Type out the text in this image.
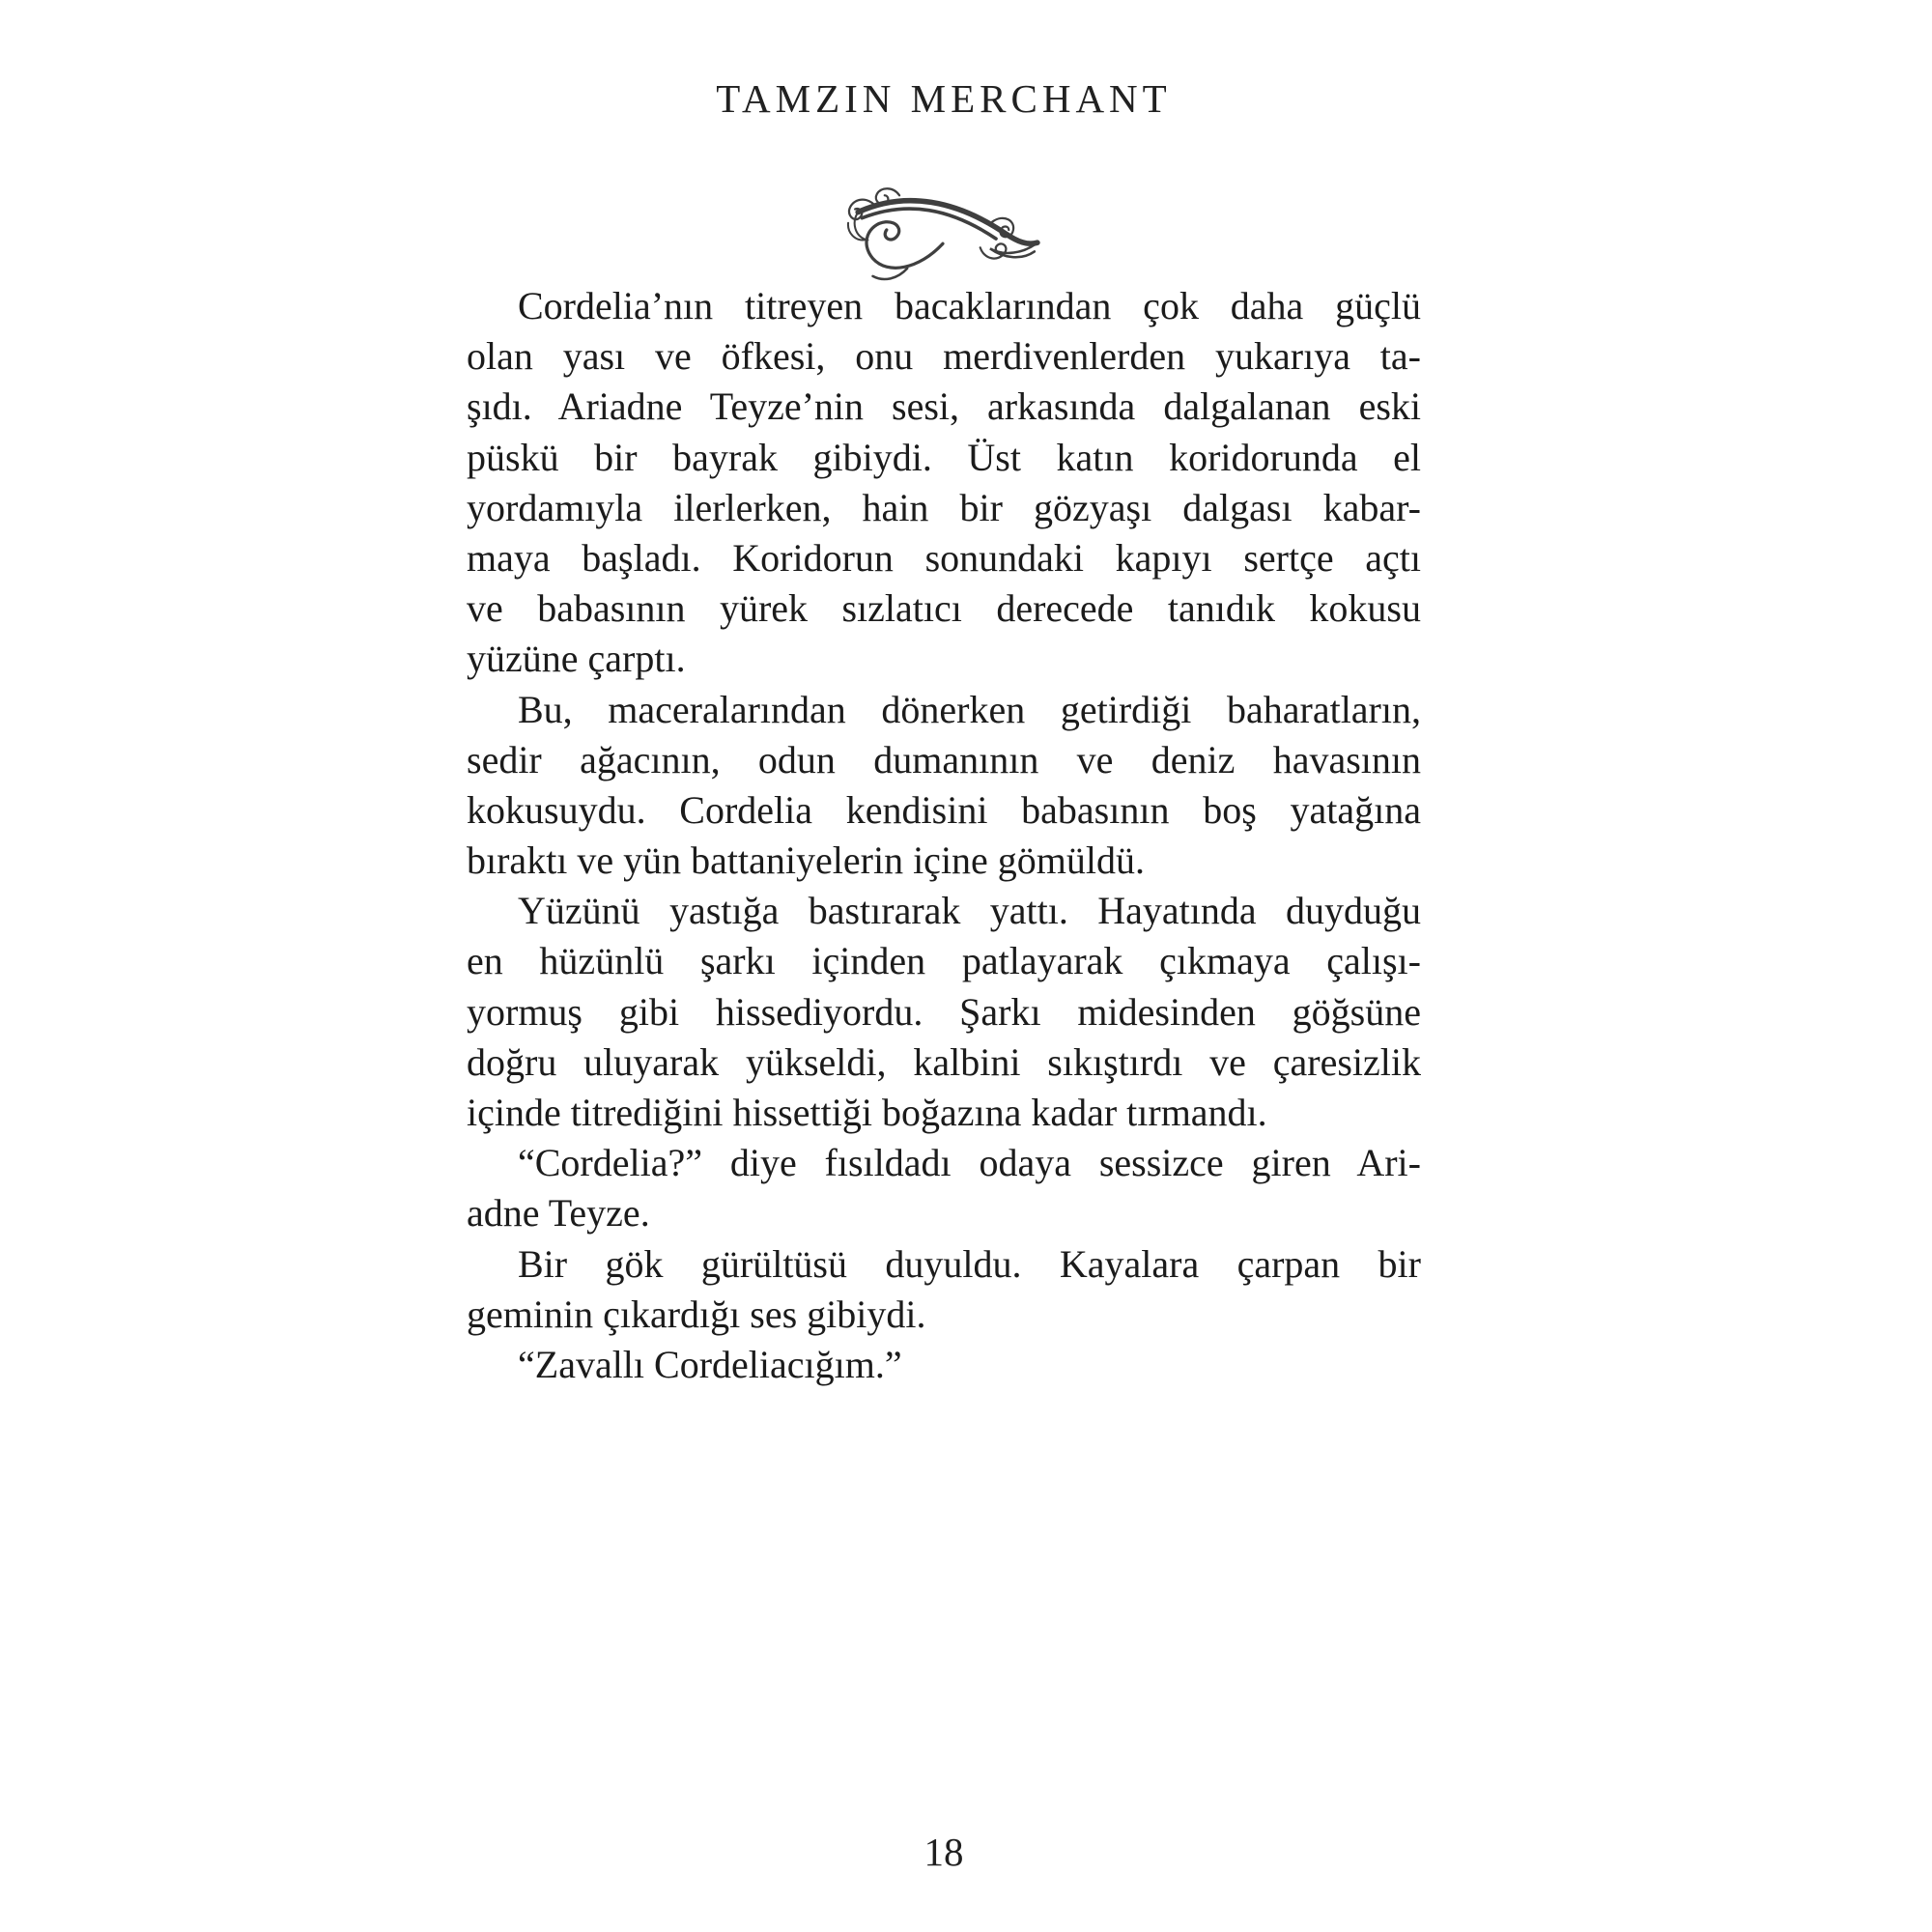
TAMZIN MERCHANT
Cordelia’nın titreyen bacaklarından çok daha güçlü
olan yası ve öfkesi, onu merdivenlerden yukarıya ta-
şıdı. Ariadne Teyze’nin sesi, arkasında dalgalanan eski
püskü bir bayrak gibiydi. Üst katın koridorunda el
yordamıyla ilerlerken, hain bir gözyaşı dalgası kabar-
maya başladı. Koridorun sonundaki kapıyı sertçe açtı
ve babasının yürek sızlatıcı derecede tanıdık kokusu
yüzüne çarptı.
Bu, maceralarından dönerken getirdiği baharatların,
sedir ağacının, odun dumanının ve deniz havasının
kokusuydu. Cordelia kendisini babasının boş yatağına
bıraktı ve yün battaniyelerin içine gömüldü.
Yüzünü yastığa bastırarak yattı. Hayatında duyduğu
en hüzünlü şarkı içinden patlayarak çıkmaya çalışı-
yormuş gibi hissediyordu. Şarkı midesinden göğsüne
doğru uluyarak yükseldi, kalbini sıkıştırdı ve çaresizlik
içinde titrediğini hissettiği boğazına kadar tırmandı.
“Cordelia?” diye fısıldadı odaya sessizce giren Ari-
adne Teyze.
Bir gök gürültüsü duyuldu. Kayalara çarpan bir
geminin çıkardığı ses gibiydi.
“Zavallı Cordeliacığım.”
18
